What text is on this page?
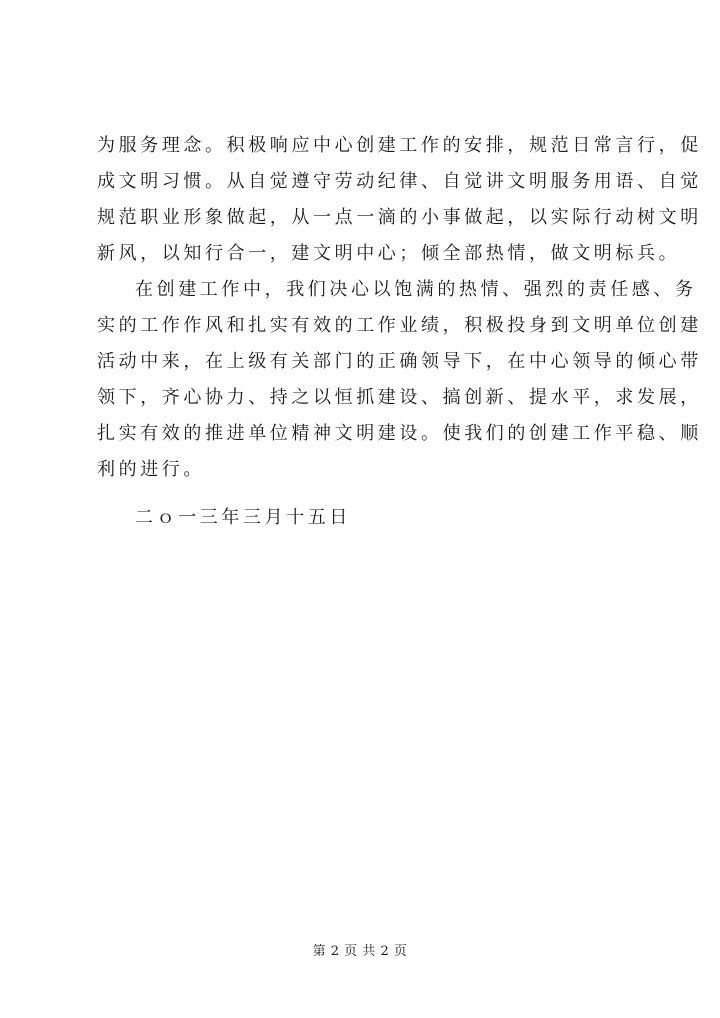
为服务理念。积极响应中心创建工作的安排，规范日常言行，促
成文明习惯。从自觉遵守劳动纪律、自觉讲文明服务用语、自觉
规范职业形象做起，从一点一滴的小事做起，以实际行动树文明
新风，以知行合一，建文明中心；倾全部热情，做文明标兵。
在创建工作中，我们决心以饱满的热情、强烈的责任感、务
实的工作作风和扎实有效的工作业绩，积极投身到文明单位创建
活动中来，在上级有关部门的正确领导下，在中心领导的倾心带
领下，齐心协力、持之以恒抓建设、搞创新、提水平，求发展，
扎实有效的推进单位精神文明建设。使我们的创建工作平稳、顺
利的进行。
二ｏ一三年三月十五日
第 2 页 共 2 页
